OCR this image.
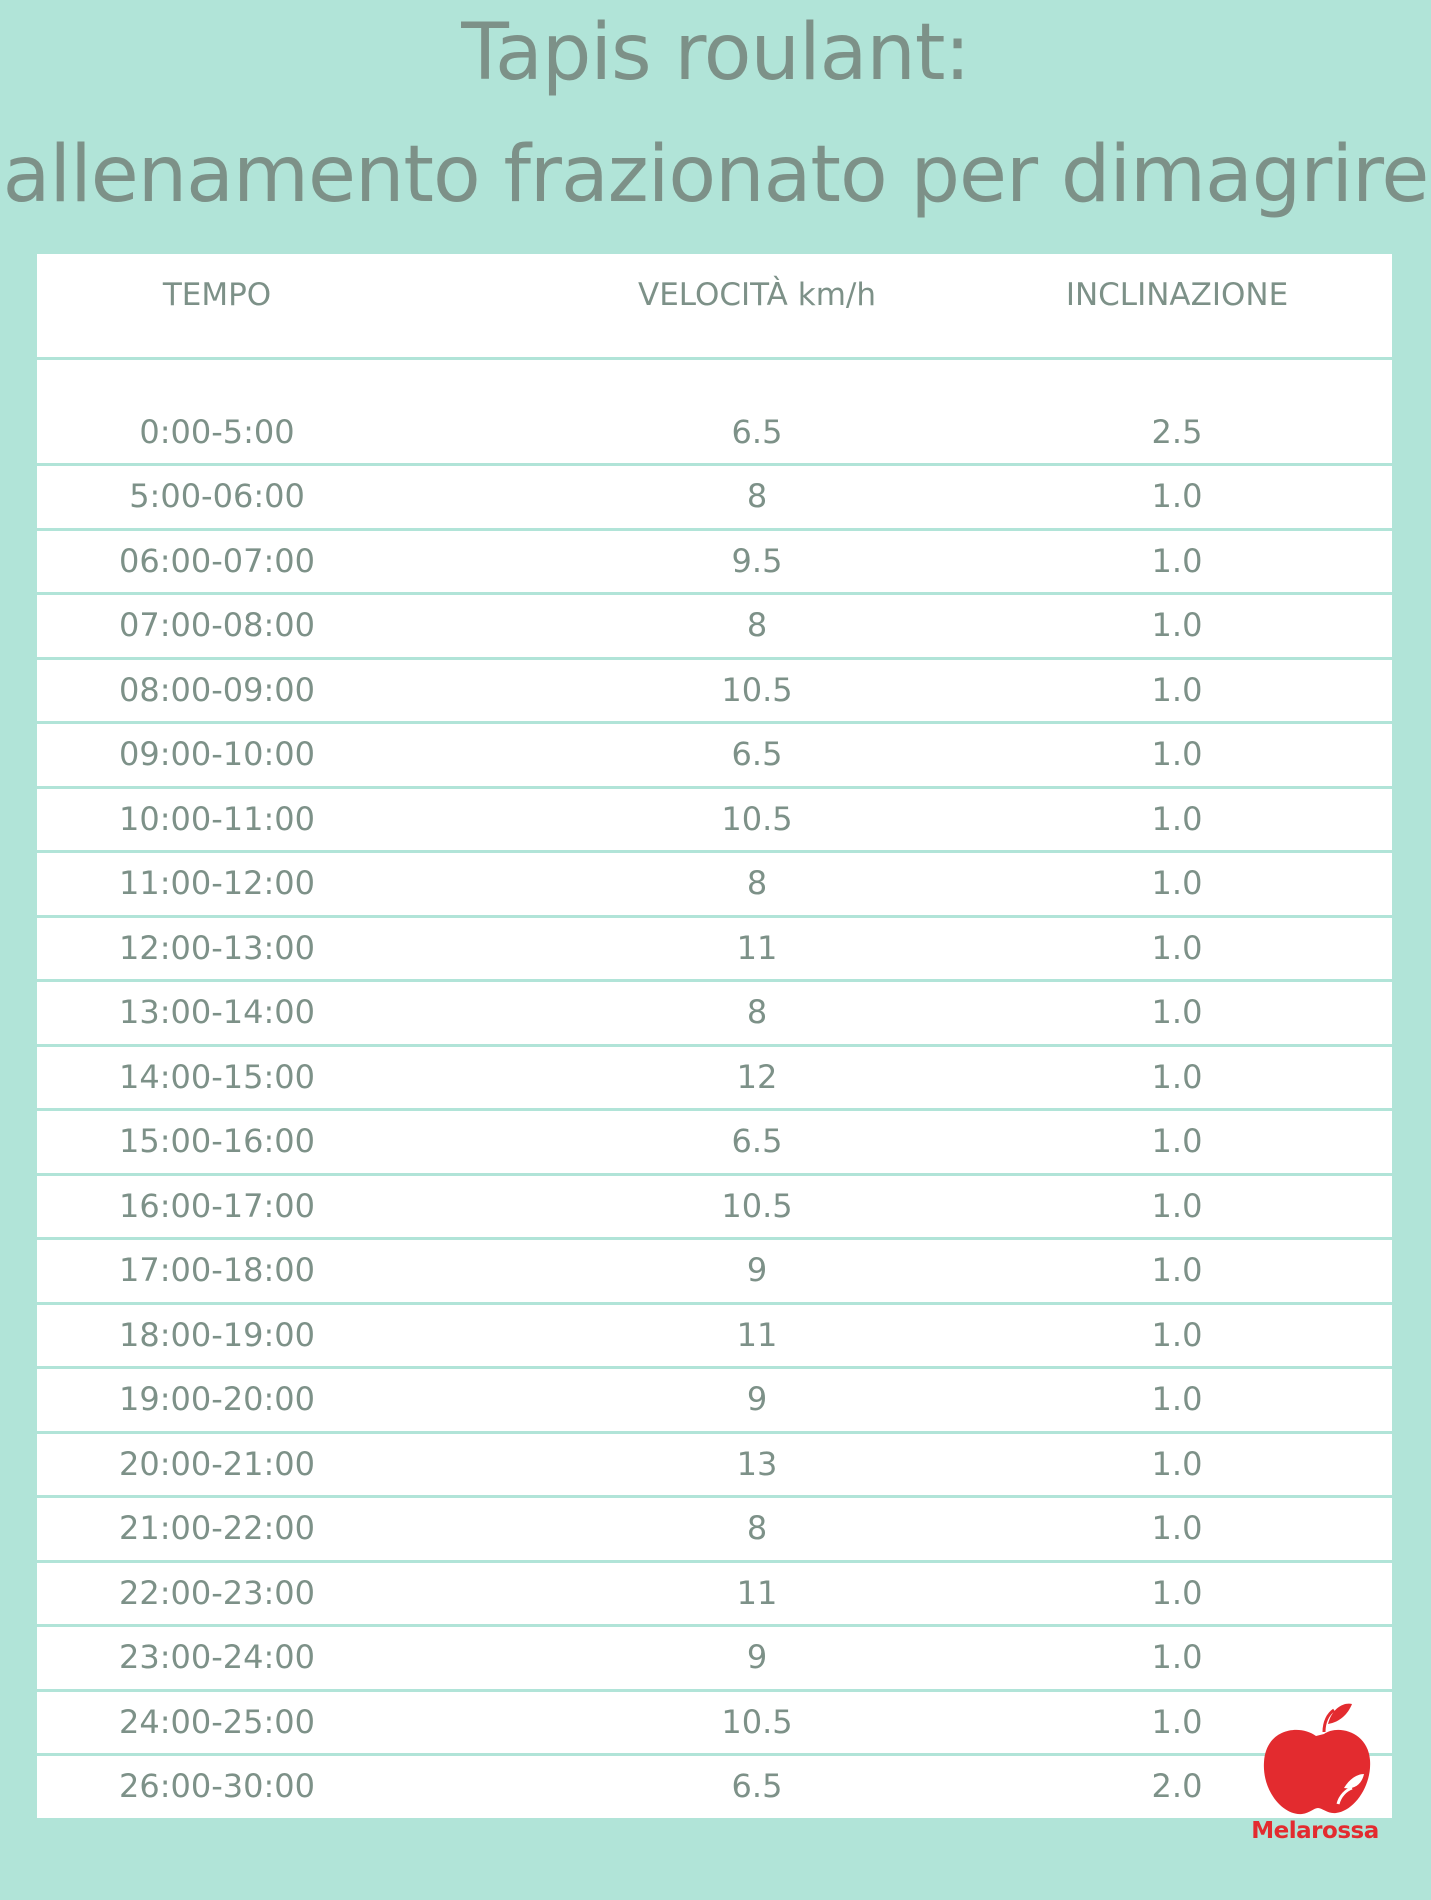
Tapis roulant:
allenamento frazionato per dimagrire
TEMPO	VELOCITÀ km/h	INCLINAZIONE
0:00-5:00	6.5	2.5
5:00-06:00	8	1.0
06:00-07:00	9.5	1.0
07:00-08:00	8	1.0
08:00-09:00	10.5	1.0
09:00-10:00	6.5	1.0
10:00-11:00	10.5	1.0
11:00-12:00	8	1.0
12:00-13:00	11	1.0
13:00-14:00	8	1.0
14:00-15:00	12	1.0
15:00-16:00	6.5	1.0
16:00-17:00	10.5	1.0
17:00-18:00	9	1.0
18:00-19:00	11	1.0
19:00-20:00	9	1.0
20:00-21:00	13	1.0
21:00-22:00	8	1.0
22:00-23:00	11	1.0
23:00-24:00	9	1.0
24:00-25:00	10.5	1.0
26:00-30:00	6.5	2.0
Melarossa
